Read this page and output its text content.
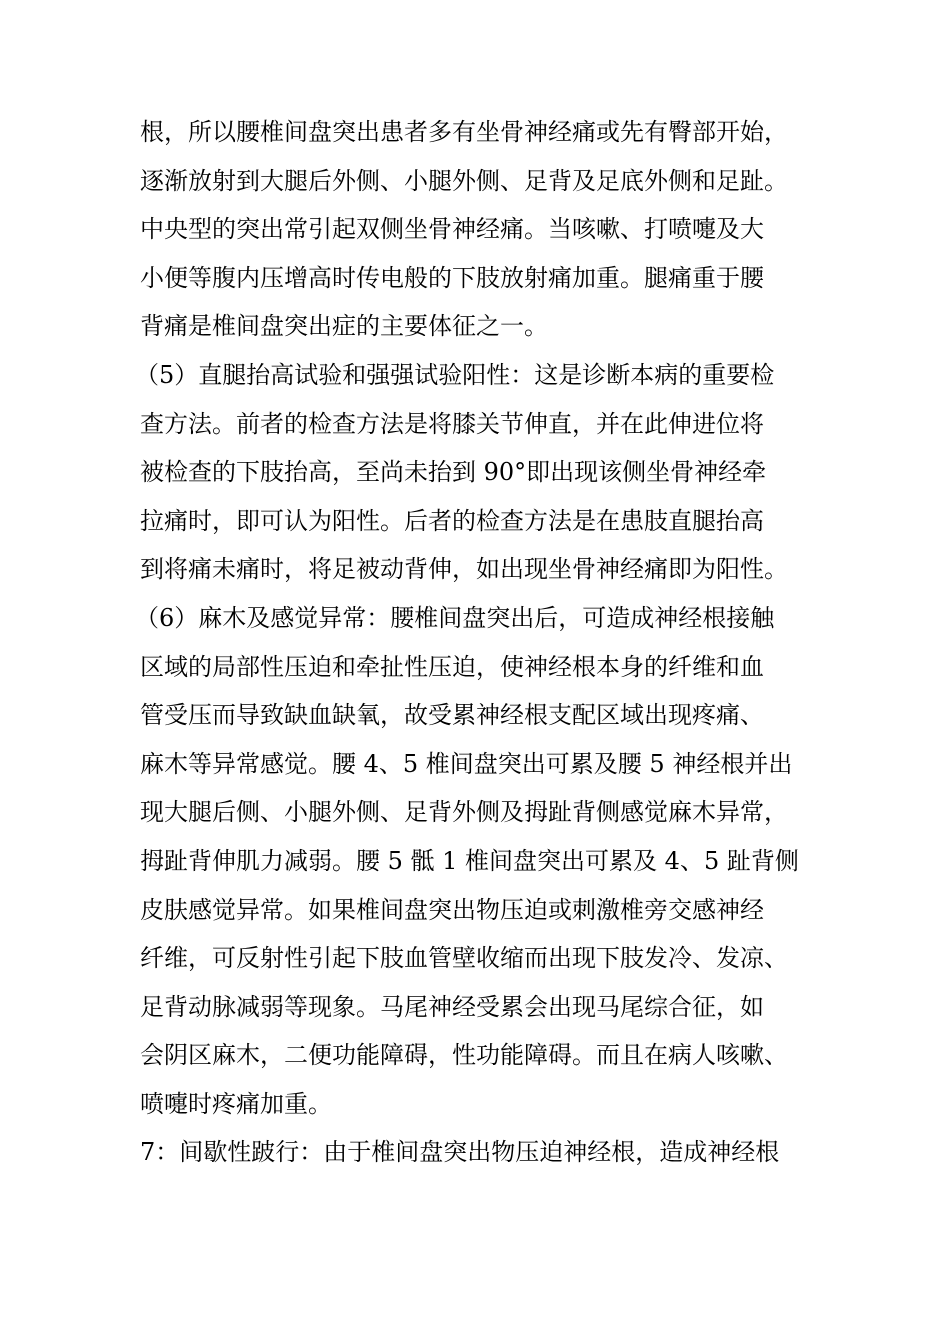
根，所以腰椎间盘突出患者多有坐骨神经痛或先有臀部开始，
逐渐放射到大腿后外侧、小腿外侧、足背及足底外侧和足趾。
中央型的突出常引起双侧坐骨神经痛。当咳嗽、打喷嚏及大
小便等腹内压增高时传电般的下肢放射痛加重。腿痛重于腰
背痛是椎间盘突出症的主要体征之一。
（5）直腿抬高试验和强强试验阳性：这是诊断本病的重要检
查方法。前者的检查方法是将膝关节伸直，并在此伸进位将
被检查的下肢抬高，至尚未抬到 90°即出现该侧坐骨神经牵
拉痛时，即可认为阳性。后者的检查方法是在患肢直腿抬高
到将痛未痛时，将足被动背伸，如出现坐骨神经痛即为阳性。
（6）麻木及感觉异常：腰椎间盘突出后，可造成神经根接触
区域的局部性压迫和牵扯性压迫，使神经根本身的纤维和血
管受压而导致缺血缺氧，故受累神经根支配区域出现疼痛、
麻木等异常感觉。腰 4、5 椎间盘突出可累及腰 5 神经根并出
现大腿后侧、小腿外侧、足背外侧及拇趾背侧感觉麻木异常，
拇趾背伸肌力减弱。腰 5 骶 1 椎间盘突出可累及 4、5 趾背侧
皮肤感觉异常。如果椎间盘突出物压迫或刺激椎旁交感神经
纤维，可反射性引起下肢血管壁收缩而出现下肢发冷、发凉、
足背动脉减弱等现象。马尾神经受累会出现马尾综合征，如
会阴区麻木，二便功能障碍，性功能障碍。而且在病人咳嗽、
喷嚏时疼痛加重。
7：间歇性跛行：由于椎间盘突出物压迫神经根，造成神经根
